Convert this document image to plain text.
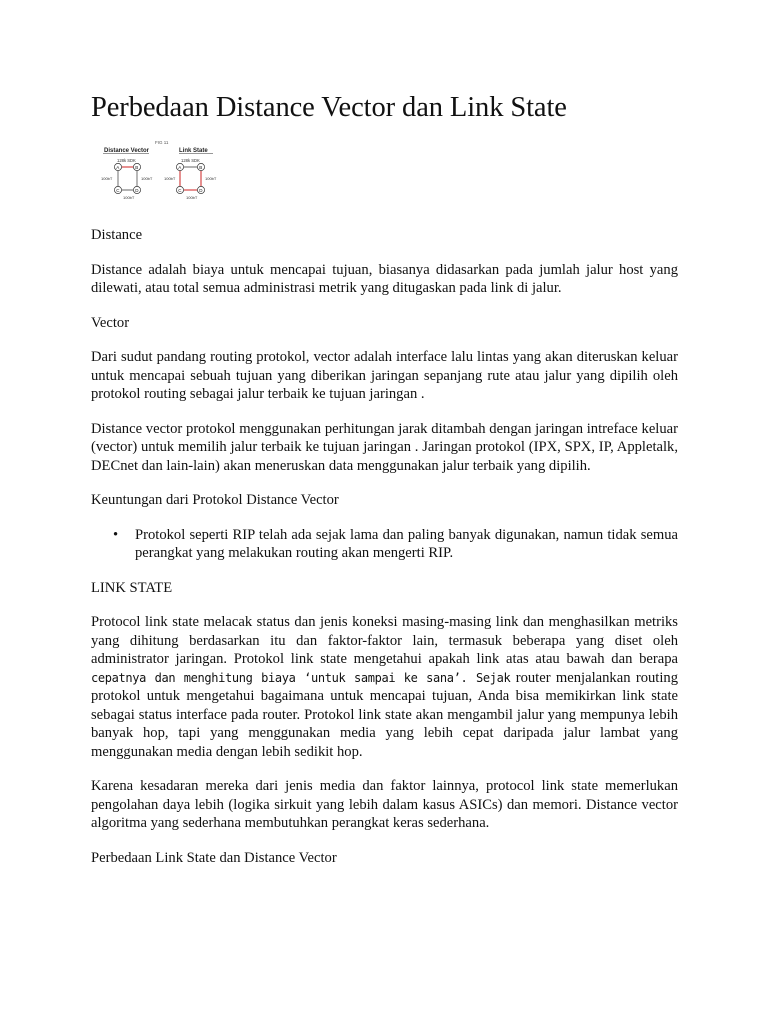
Perbedaan Distance Vector dan Link State
FIG 11
Distance Vector	Link State
128k SDK
A	B
C	D
100bT	100bT
100bT
128k SDK
A	B
C	D
100bT	100bT
100bT

Distance

Distance adalah biaya untuk mencapai tujuan, biasanya didasarkan pada jumlah jalur host yang dilewati, atau total semua administrasi metrik yang ditugaskan pada link di jalur.

Vector

Dari sudut pandang routing protokol, vector adalah interface lalu lintas yang akan diteruskan keluar untuk mencapai sebuah tujuan yang diberikan jaringan sepanjang rute atau jalur yang dipilih oleh protokol routing sebagai jalur terbaik ke tujuan jaringan .

Distance vector protokol menggunakan perhitungan jarak ditambah dengan jaringan intreface keluar (vector) untuk memilih jalur terbaik ke tujuan jaringan . Jaringan protokol (IPX, SPX, IP, Appletalk, DECnet dan lain-lain) akan meneruskan data menggunakan jalur terbaik yang dipilih.

Keuntungan dari Protokol Distance Vector

• Protokol seperti RIP telah ada sejak lama dan paling banyak digunakan, namun tidak semua perangkat yang melakukan routing akan mengerti RIP.

LINK STATE

Protocol link state melacak status dan jenis koneksi masing-masing link dan menghasilkan metriks yang dihitung berdasarkan itu dan faktor-faktor lain, termasuk beberapa yang diset oleh administrator jaringan. Protokol link state mengetahui apakah link atas atau bawah dan berapa cepatnya dan menghitung biaya ‘untuk sampai ke sana’. Sejak router menjalankan routing protokol untuk mengetahui bagaimana untuk mencapai tujuan, Anda bisa memikirkan link state sebagai status interface pada router. Protokol link state akan mengambil jalur yang mempunya lebih banyak hop, tapi yang menggunakan media yang lebih cepat daripada jalur lambat yang menggunakan media dengan lebih sedikit hop.

Karena kesadaran mereka dari jenis media dan faktor lainnya, protocol link state memerlukan pengolahan daya lebih (logika sirkuit yang lebih dalam kasus ASICs) dan memori. Distance vector algoritma yang sederhana membutuhkan perangkat keras sederhana.

Perbedaan Link State dan Distance Vector
